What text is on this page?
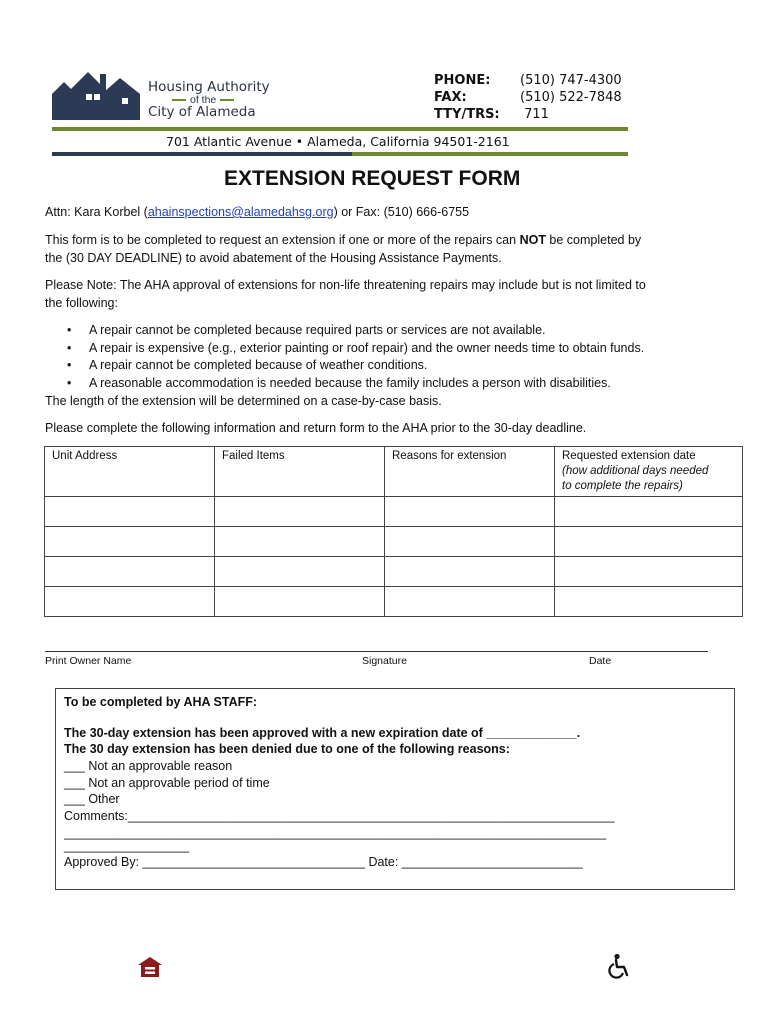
Housing Authority
of the
City of Alameda
PHONE: (510) 747-4300
FAX:	(510) 522-7848
TTY/TRS: 711
701 Atlantic Avenue • Alameda, California 94501-2161
EXTENSION REQUEST FORM

Attn: Kara Korbel (ahainspections@alamedahsg.org) or Fax: (510) 666-6755

This form is to be completed to request an extension if one or more of the repairs can NOT be completed by
the (30 DAY DEADLINE) to avoid abatement of the Housing Assistance Payments.

Please Note: The AHA approval of extensions for non-life threatening repairs may include but is not limited to
the following:

• A repair cannot be completed because required parts or services are not available.
• A repair is expensive (e.g., exterior painting or roof repair) and the owner needs time to obtain funds.
• A repair cannot be completed because of weather conditions.
• A reasonable accommodation is needed because the family includes a person with disabilities.

The length of the extension will be determined on a case-by-case basis.

Please complete the following information and return form to the AHA prior to the 30-day deadline.

Unit Address	Failed Items	Reasons for extension	Requested extension date
(how additional days needed
to complete the repairs)

Print Owner Name	Signature	Date
To be completed by AHA STAFF:
The 30-day extension has been approved with a new expiration date of _____________.
The 30 day extension has been denied due to one of the following reasons:
___ Not an approvable reason
___ Not an approvable period of time
___ Other
Comments:______________________________________________________________________
______________________________________________________________________________
__________________
Approved By: ________________________________ Date: __________________________
